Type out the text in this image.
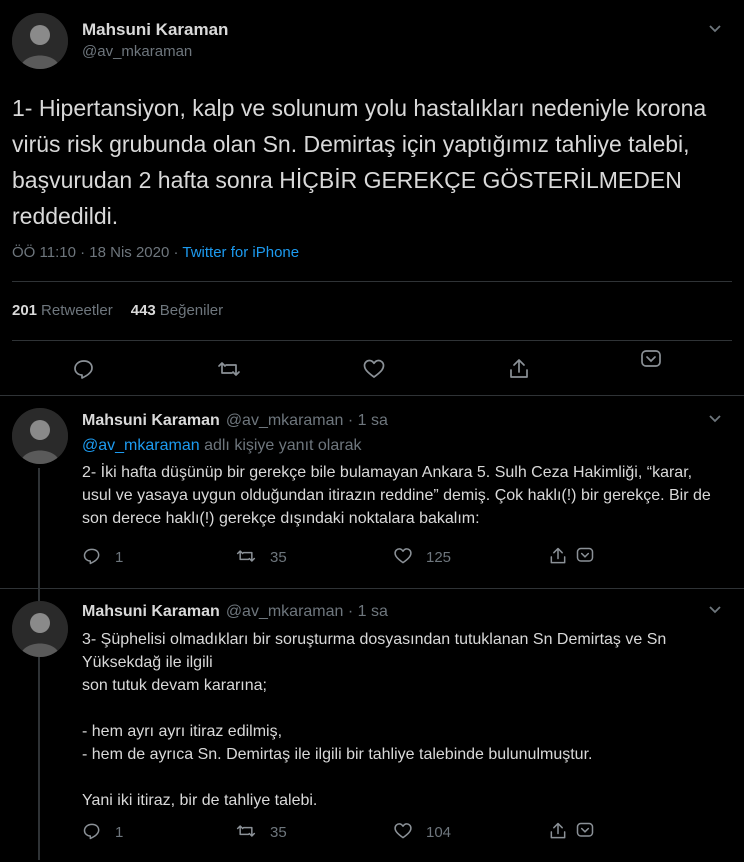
Mahsuni Karaman
@av_mkaraman
1- Hipertansiyon, kalp ve solunum yolu hastalıkları nedeniyle korona virüs risk grubunda olan Sn. Demirtaş için yaptığımız tahliye talebi, başvurudan 2 hafta sonra HİÇBİR GEREKÇE GÖSTERİLMEDEN reddedildi.
ÖÖ 11:10 · 18 Nis 2020 · Twitter for iPhone
201 Retweetler 443 Beğeniler
Mahsuni Karaman @av_mkaraman · 1 sa
@av_mkaraman adlı kişiye yanıt olarak
2- İki hafta düşünüp bir gerekçe bile bulamayan Ankara 5. Sulh Ceza Hakimliği, “karar, usul ve yasaya uygun olduğundan itirazın reddine” demiş. Çok haklı(!) bir gerekçe. Bir de son derece haklı(!) gerekçe dışındaki noktalara bakalım:
1	35	125
Mahsuni Karaman @av_mkaraman · 1 sa
3- Şüphelisi olmadıkları bir soruşturma dosyasından tutuklanan Sn Demirtaş ve Sn Yüksekdağ ile ilgili
son tutuk devam kararına;

- hem ayrı ayrı itiraz edilmiş,
- hem de ayrıca Sn. Demirtaş ile ilgili bir tahliye talebinde bulunulmuştur.

Yani iki itiraz, bir de tahliye talebi.
1	35	104
